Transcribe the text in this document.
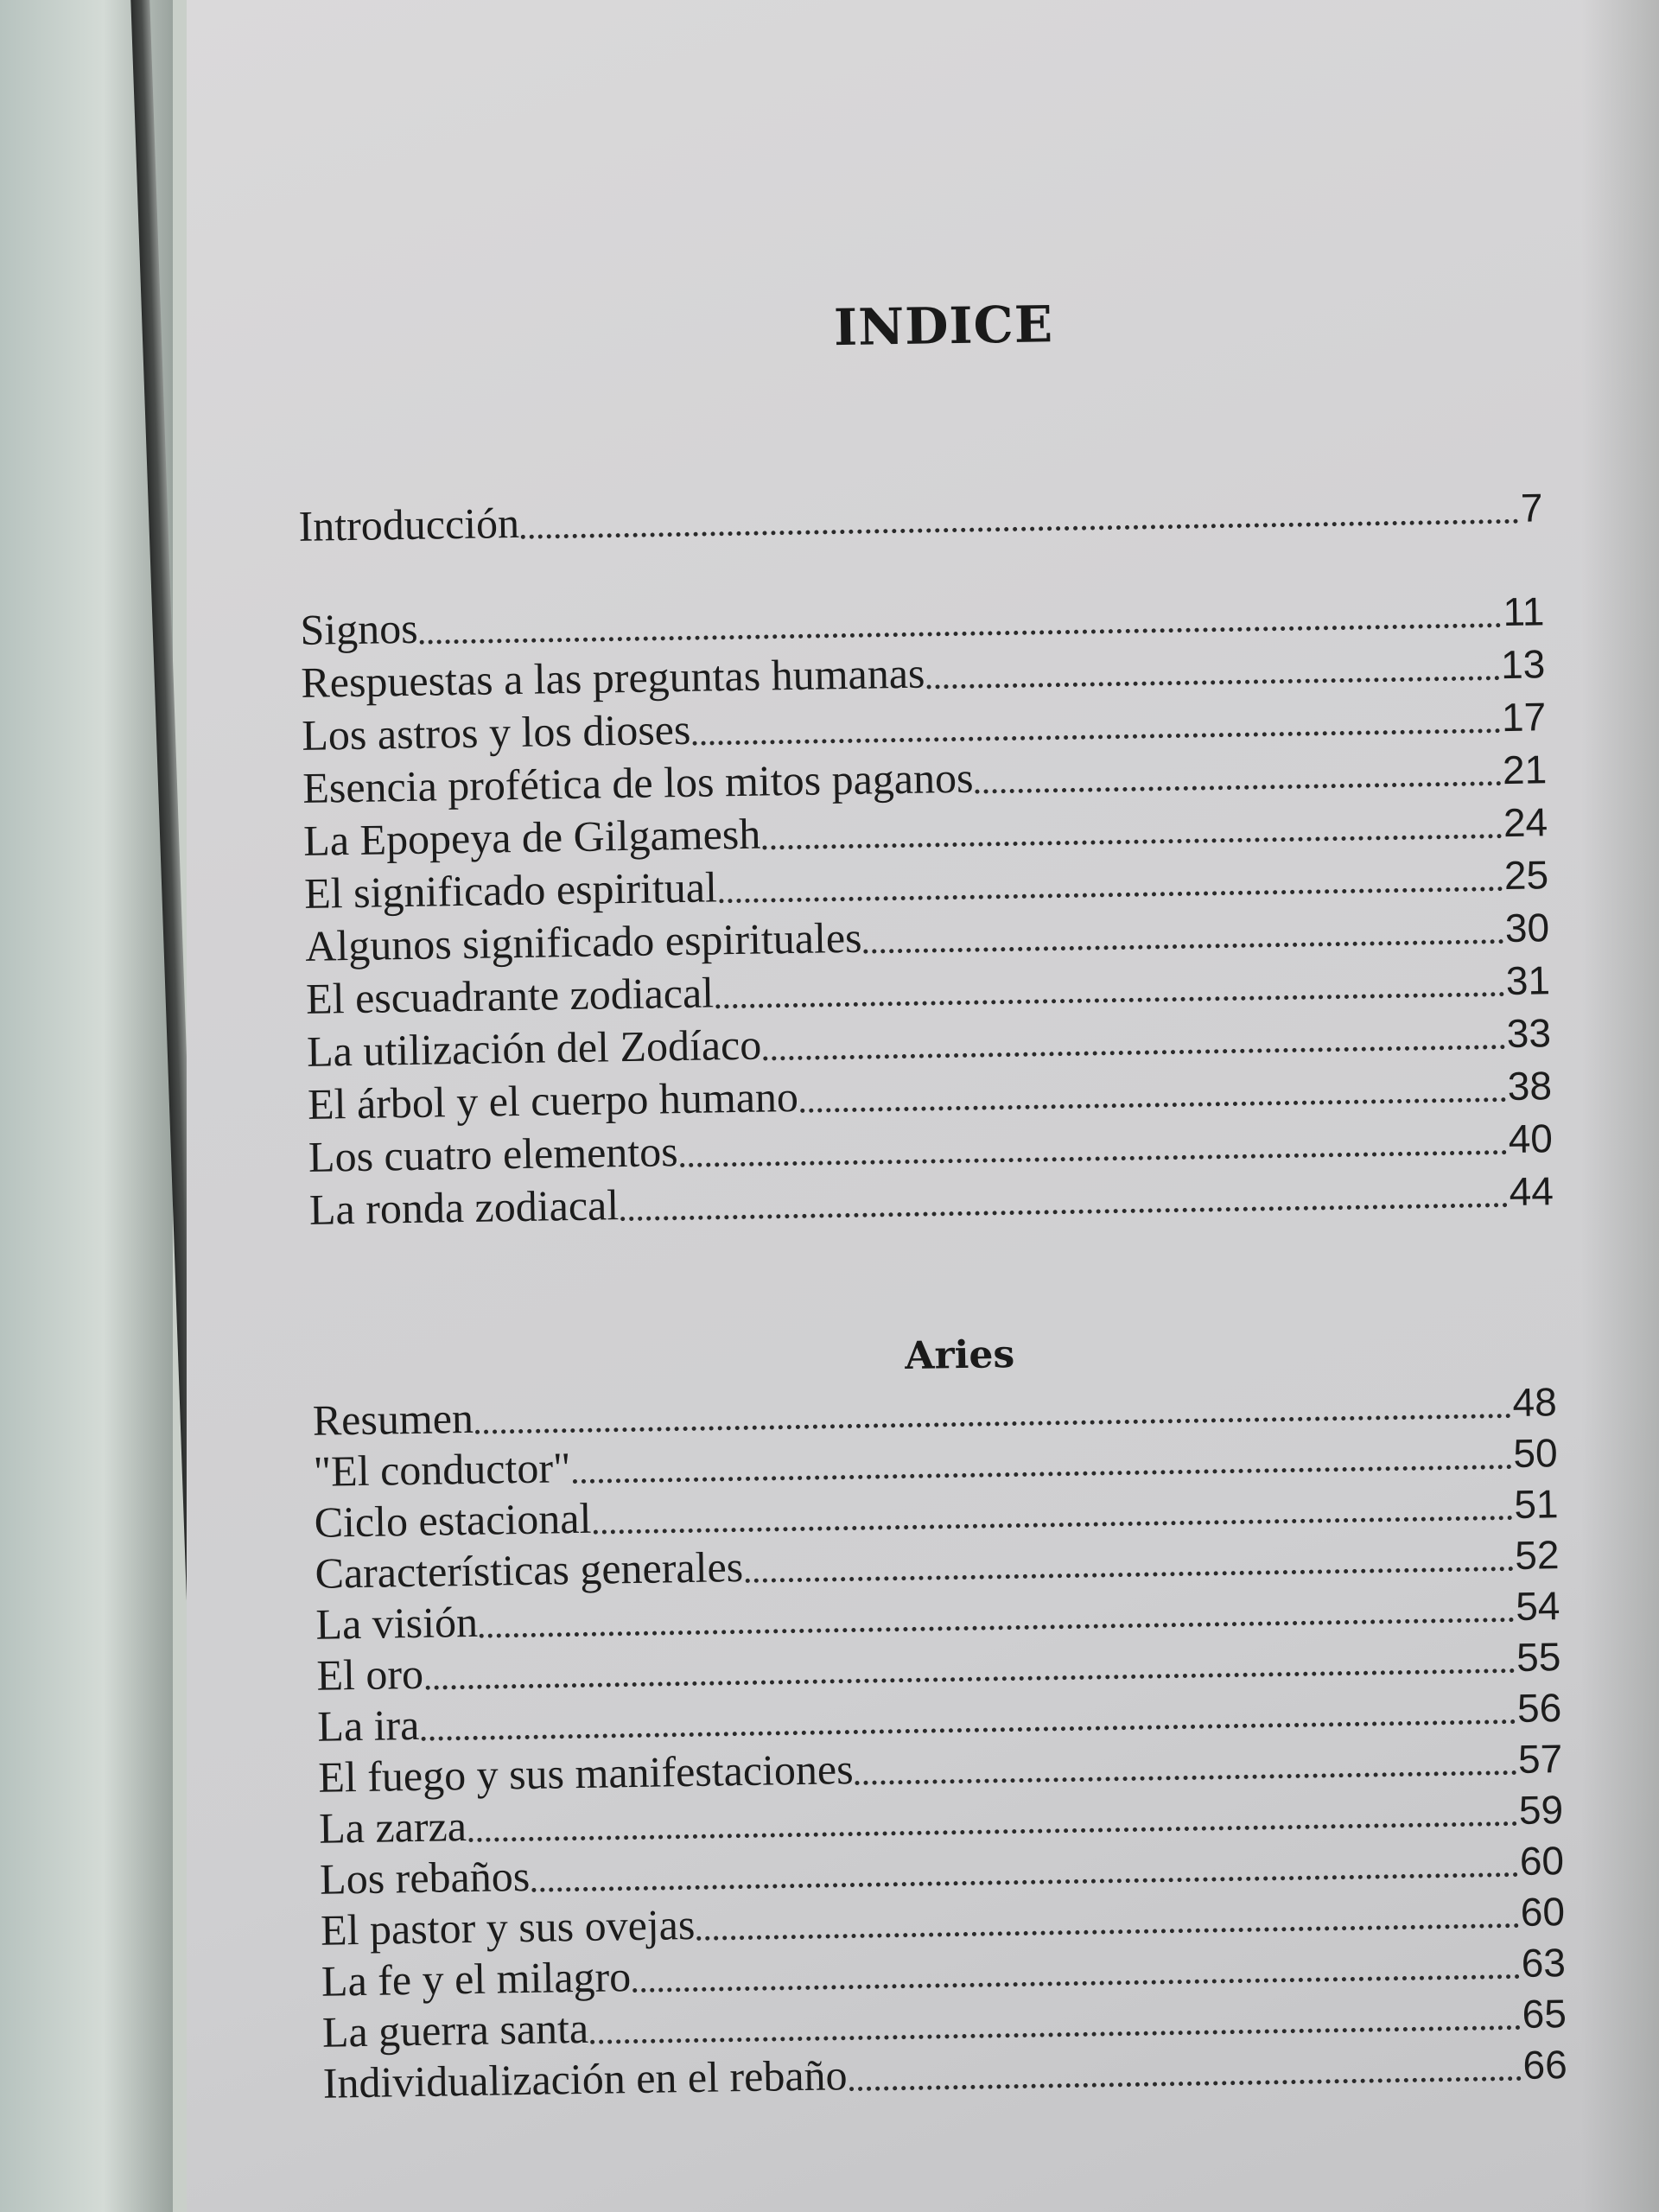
INDICE
Introducción	7
Signos	11
Respuestas a las preguntas humanas	13
Los astros y los dioses	17
Esencia profética de los mitos paganos	21
La Epopeya de Gilgamesh	24
El significado espiritual	25
Algunos significado espirituales	30
El escuadrante zodiacal	31
La utilización del Zodíaco	33
El árbol y el cuerpo humano	38
Los cuatro elementos	40
La ronda zodiacal	44
Aries
Resumen	48
"El conductor"	50
Ciclo estacional	51
Características generales	52
La visión	54
El oro	55
La ira	56
El fuego y sus manifestaciones	57
La zarza	59
Los rebaños	60
El pastor y sus ovejas	60
La fe y el milagro	63
La guerra santa	65
Individualización en el rebaño	66
